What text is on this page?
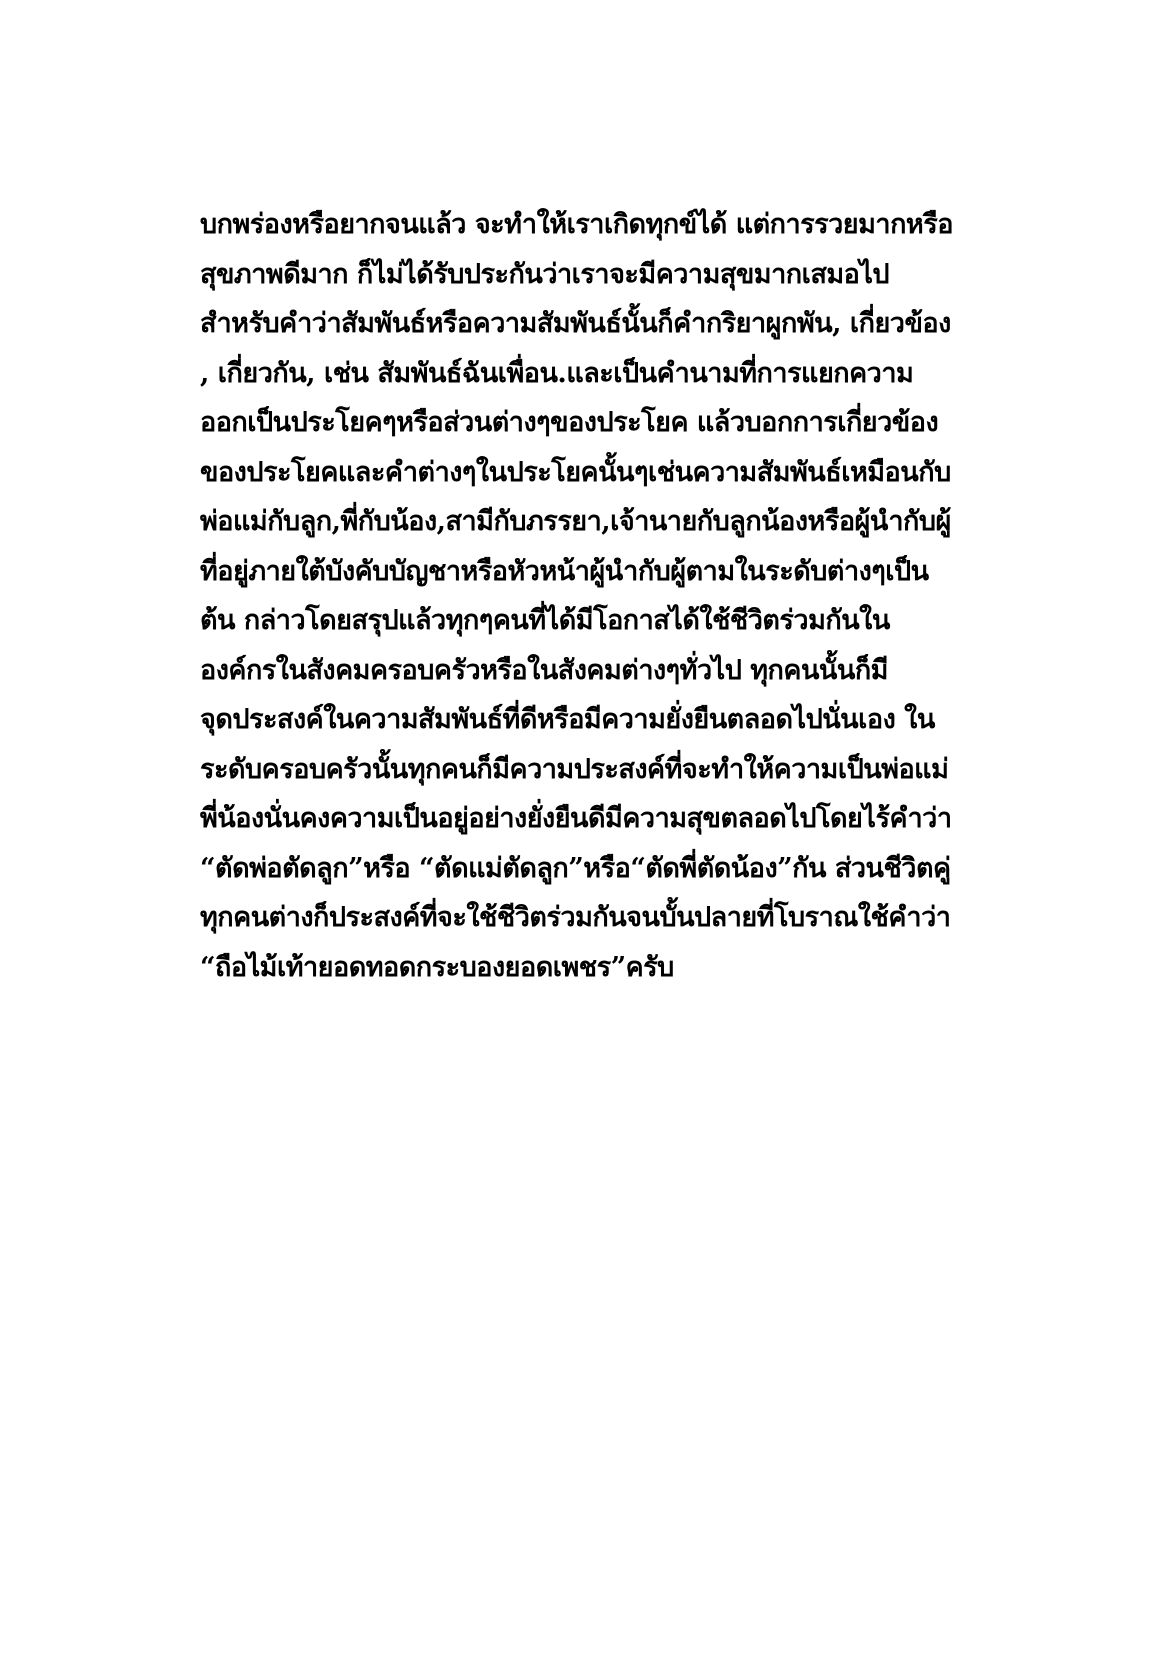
บกพร่องหรือยากจนแล้ว จะทำให้เราเกิดทุกข์ได้ แต่การรวยมากหรือ
สุขภาพดีมาก ก็ไม่ได้รับประกันว่าเราจะมีความสุขมากเสมอไป
สำหรับคำว่าสัมพันธ์หรือความสัมพันธ์นั้นก็คำกริยาผูกพัน, เกี่ยวข้อง
, เกี่ยวกัน, เช่น สัมพันธ์ฉันเพื่อน.และเป็นคำนามที่การแยกความ
ออกเป็นประโยคๆหรือส่วนต่างๆของประโยค แล้วบอกการเกี่ยวข้อง
ของประโยคและคำต่างๆในประโยคนั้นๆเช่นความสัมพันธ์เหมือนกับ
พ่อแม่กับลูก,พี่กับน้อง,สามีกับภรรยา,เจ้านายกับลูกน้องหรือผู้นำกับผู้
ที่อยู่ภายใต้บังคับบัญชาหรือหัวหน้าผู้นำกับผู้ตามในระดับต่างๆเป็น
ต้น กล่าวโดยสรุปแล้วทุกๆคนที่ได้มีโอกาสได้ใช้ชีวิตร่วมกันใน
องค์กรในสังคมครอบครัวหรือในสังคมต่างๆทั่วไป ทุกคนนั้นก็มี
จุดประสงค์ในความสัมพันธ์ที่ดีหรือมีความยั่งยืนตลอดไปนั่นเอง ใน
ระดับครอบครัวนั้นทุกคนก็มีความประสงค์ที่จะทำให้ความเป็นพ่อแม่
พี่น้องนั่นคงความเป็นอยู่อย่างยั่งยืนดีมีความสุขตลอดไปโดยไร้คำว่า
“ตัดพ่อตัดลูก”หรือ “ตัดแม่ตัดลูก”หรือ“ตัดพี่ตัดน้อง”กัน ส่วนชีวิตคู่
ทุกคนต่างก็ประสงค์ที่จะใช้ชีวิตร่วมกันจนบั้นปลายที่โบราณใช้คำว่า
“ถือไม้เท้ายอดทอดกระบองยอดเพชร”ครับ
